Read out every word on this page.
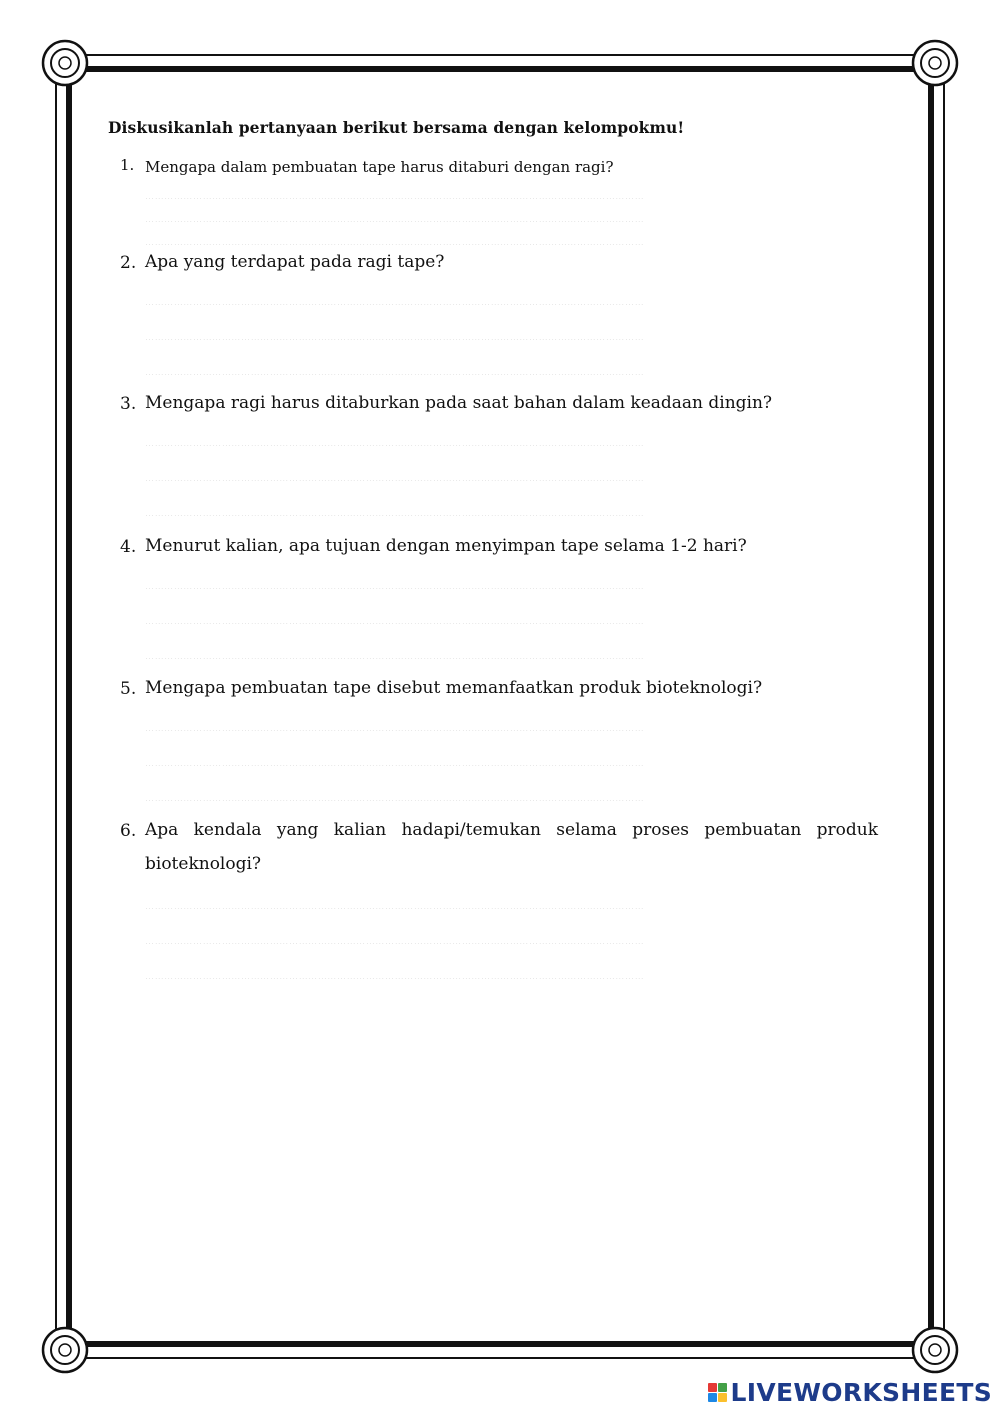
Diskusikanlah pertanyaan berikut bersama dengan kelompokmu!

1. Mengapa dalam pembuatan tape harus ditaburi dengan ragi?
2. Apa yang terdapat pada ragi tape?
3. Mengapa ragi harus ditaburkan pada saat bahan dalam keadaan dingin?
4. Menurut kalian, apa tujuan dengan menyimpan tape selama 1-2 hari?
5. Mengapa pembuatan tape disebut memanfaatkan produk bioteknologi?
6. Apa kendala yang kalian hadapi/temukan selama proses pembuatan produk bioteknologi?
LIVEWORKSHEETS
